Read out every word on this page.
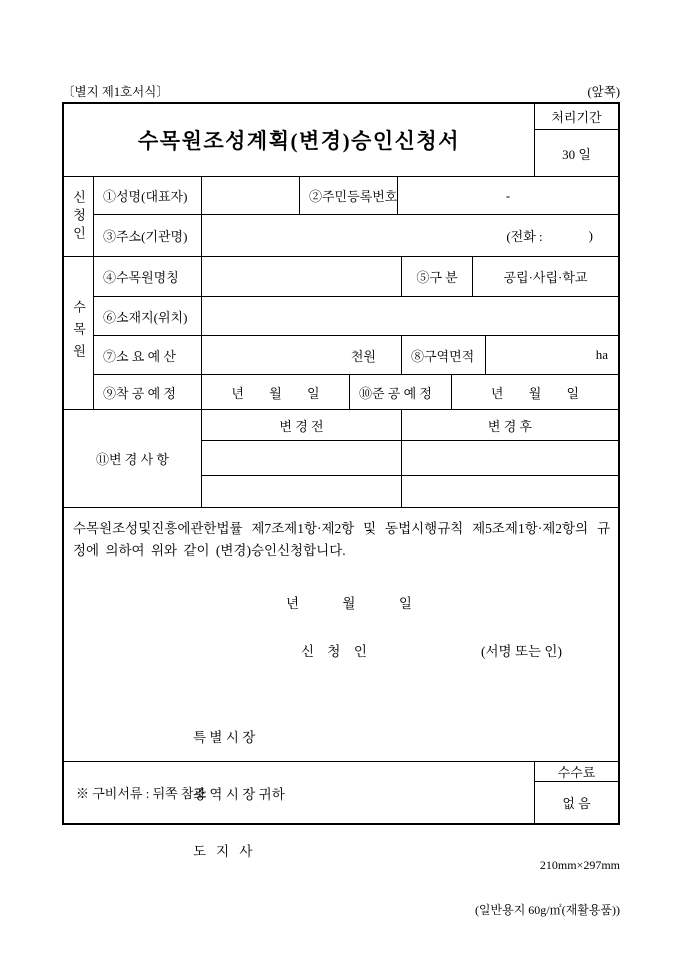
〔별지 제1호서식〕	(앞쪽)
수목원조성계획(변경)승인신청서
처리기간
30 일
신청인	①성명(대표자)	②주민등록번호	-
③주소(기관명)	(전화 :	)
수목원
④수목원명칭	⑤구 분	공립·사립·학교
⑥소재지(위치)
⑦소 요 예 산	천원	⑧구역면적	ha
⑨착 공 예 정	년 월 일	⑩준 공 예 정	년 월 일
⑪변 경 사 항
변 경 전	변 경 후

수목원조성및진흥에관한법률 제7조제1항·제2항 및 동법시행규칙 제5조제1항·제2항의 규정에 의하여 위와 같이 (변경)승인신청합니다.

년 월 일

신 청 인

	(서명 또는 인)

특 별 시 장

광 역 시 장 귀하

도   지   사

※ 구비서류 : 뒤쪽 참조
수수료
없 음

210mm×297mm

(일반용지 60g/㎡(재활용품))
